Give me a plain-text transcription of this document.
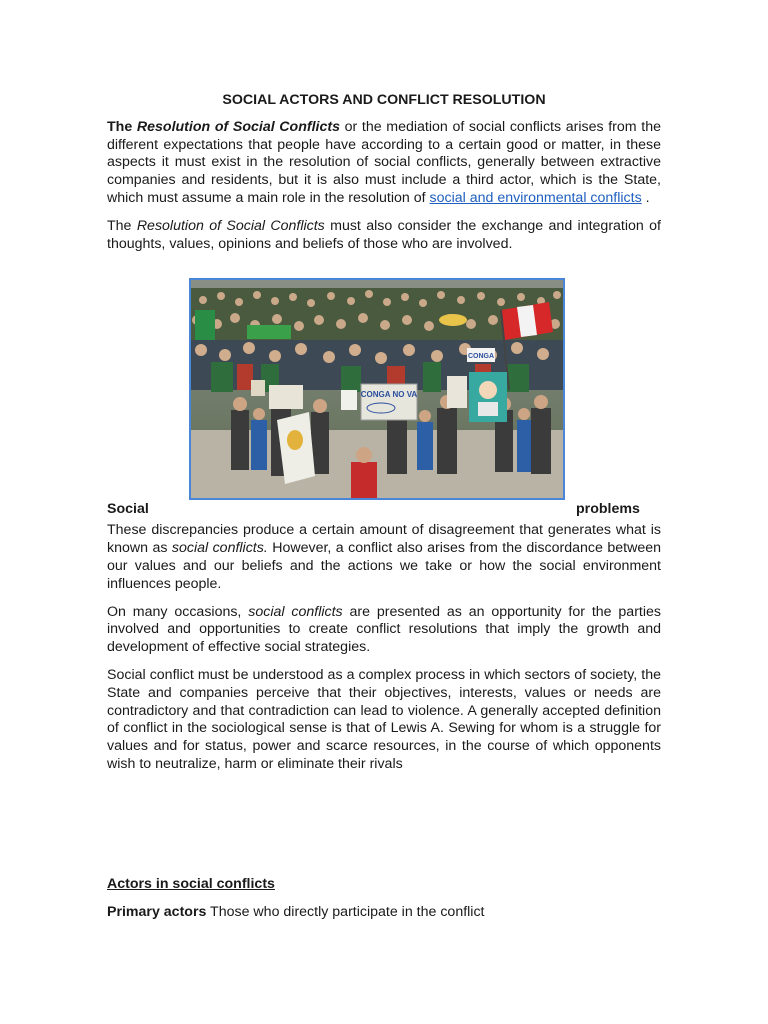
SOCIAL ACTORS AND CONFLICT RESOLUTION

The Resolution of Social Conflicts or the mediation of social conflicts arises from the different expectations that people have according to a certain good or matter, in these aspects it must exist in the resolution of social conflicts, generally between extractive companies and residents, but it is also must include a third actor, which is the State, which must assume a main role in the resolution of social and environmental conflicts .

The Resolution of Social Conflicts must also consider the exchange and integration of thoughts, values, opinions and beliefs of those who are involved.

Social
CONGA NO VA
CONGA
problems

These discrepancies produce a certain amount of disagreement that generates what is known as social conflicts. However, a conflict also arises from the discordance between our values and our beliefs and the actions we take or how the social environment influences people.

On many occasions, social conflicts are presented as an opportunity for the parties involved and opportunities to create conflict resolutions that imply the growth and development of effective social strategies.

Social conflict must be understood as a complex process in which sectors of society, the State and companies perceive that their objectives, interests, values or needs are contradictory and that contradiction can lead to violence. A generally accepted definition of conflict in the sociological sense is that of Lewis A. Sewing for whom is a struggle for values and for status, power and scarce resources, in the course of which opponents wish to neutralize, harm or eliminate their rivals

Actors in social conflicts

Primary actors Those who directly participate in the conflict
